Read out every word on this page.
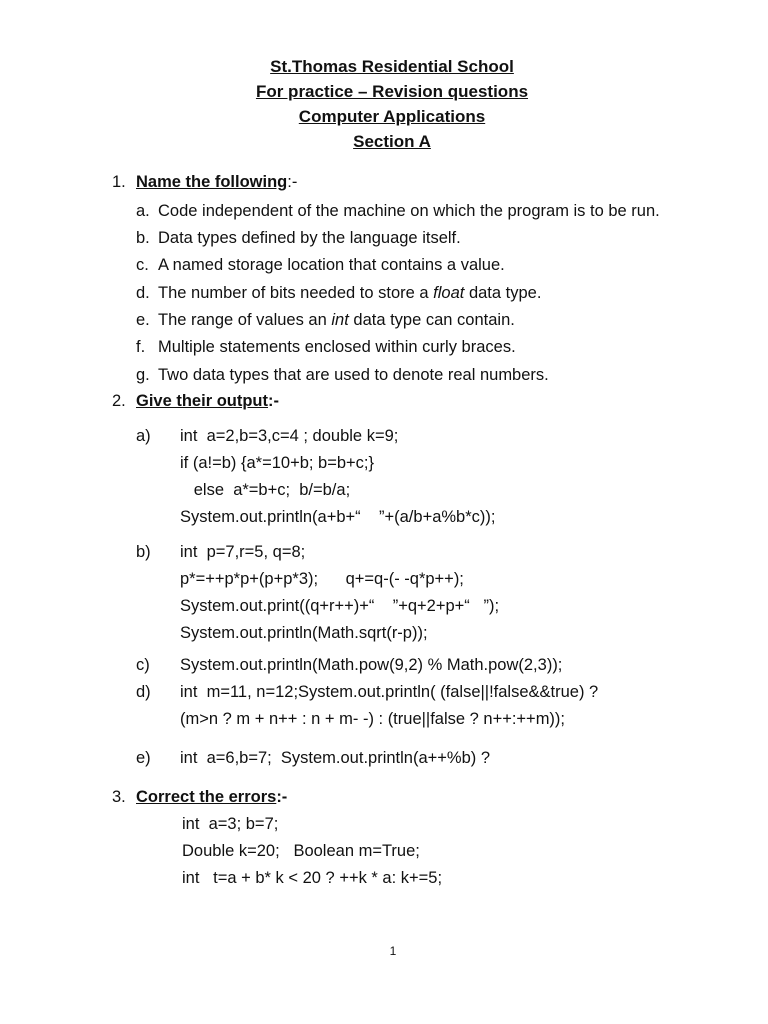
St.Thomas Residential School
For practice – Revision questions
Computer Applications
Section A
1. Name the following:-
a. Code independent of the machine on which the program is to be run.
b. Data types defined by the language itself.
c. A named storage location that contains a value.
d. The number of bits needed to store a float data type.
e. The range of values an int data type can contain.
f. Multiple statements enclosed within curly braces.
g. Two data types that are used to denote real numbers.
2. Give their output:-
a) int  a=2,b=3,c=4 ; double k=9;
if (a!=b) {a*=10+b; b=b+c;}
else  a*=b+c;  b/=b/a;
System.out.println(a+b+“    ”+(a/b+a%b*c));
b) int  p=7,r=5, q=8;
p*=++p*p+(p+p*3);      q+=q-(- -q*p++);
System.out.print((q+r++)+“    ”+q+2+p+“   ”);
System.out.println(Math.sqrt(r-p));
c) System.out.println(Math.pow(9,2) % Math.pow(2,3));
d) int  m=11, n=12;System.out.println( (false||!false&&true) ?
(m>n ? m + n++ : n + m- -) : (true||false ? n++:++m));
e) int  a=6,b=7;  System.out.println(a++%b) ?
3. Correct the errors:-
int  a=3; b=7;
Double k=20;   Boolean m=True;
int   t=a + b* k < 20 ? ++k * a: k+=5;
1
